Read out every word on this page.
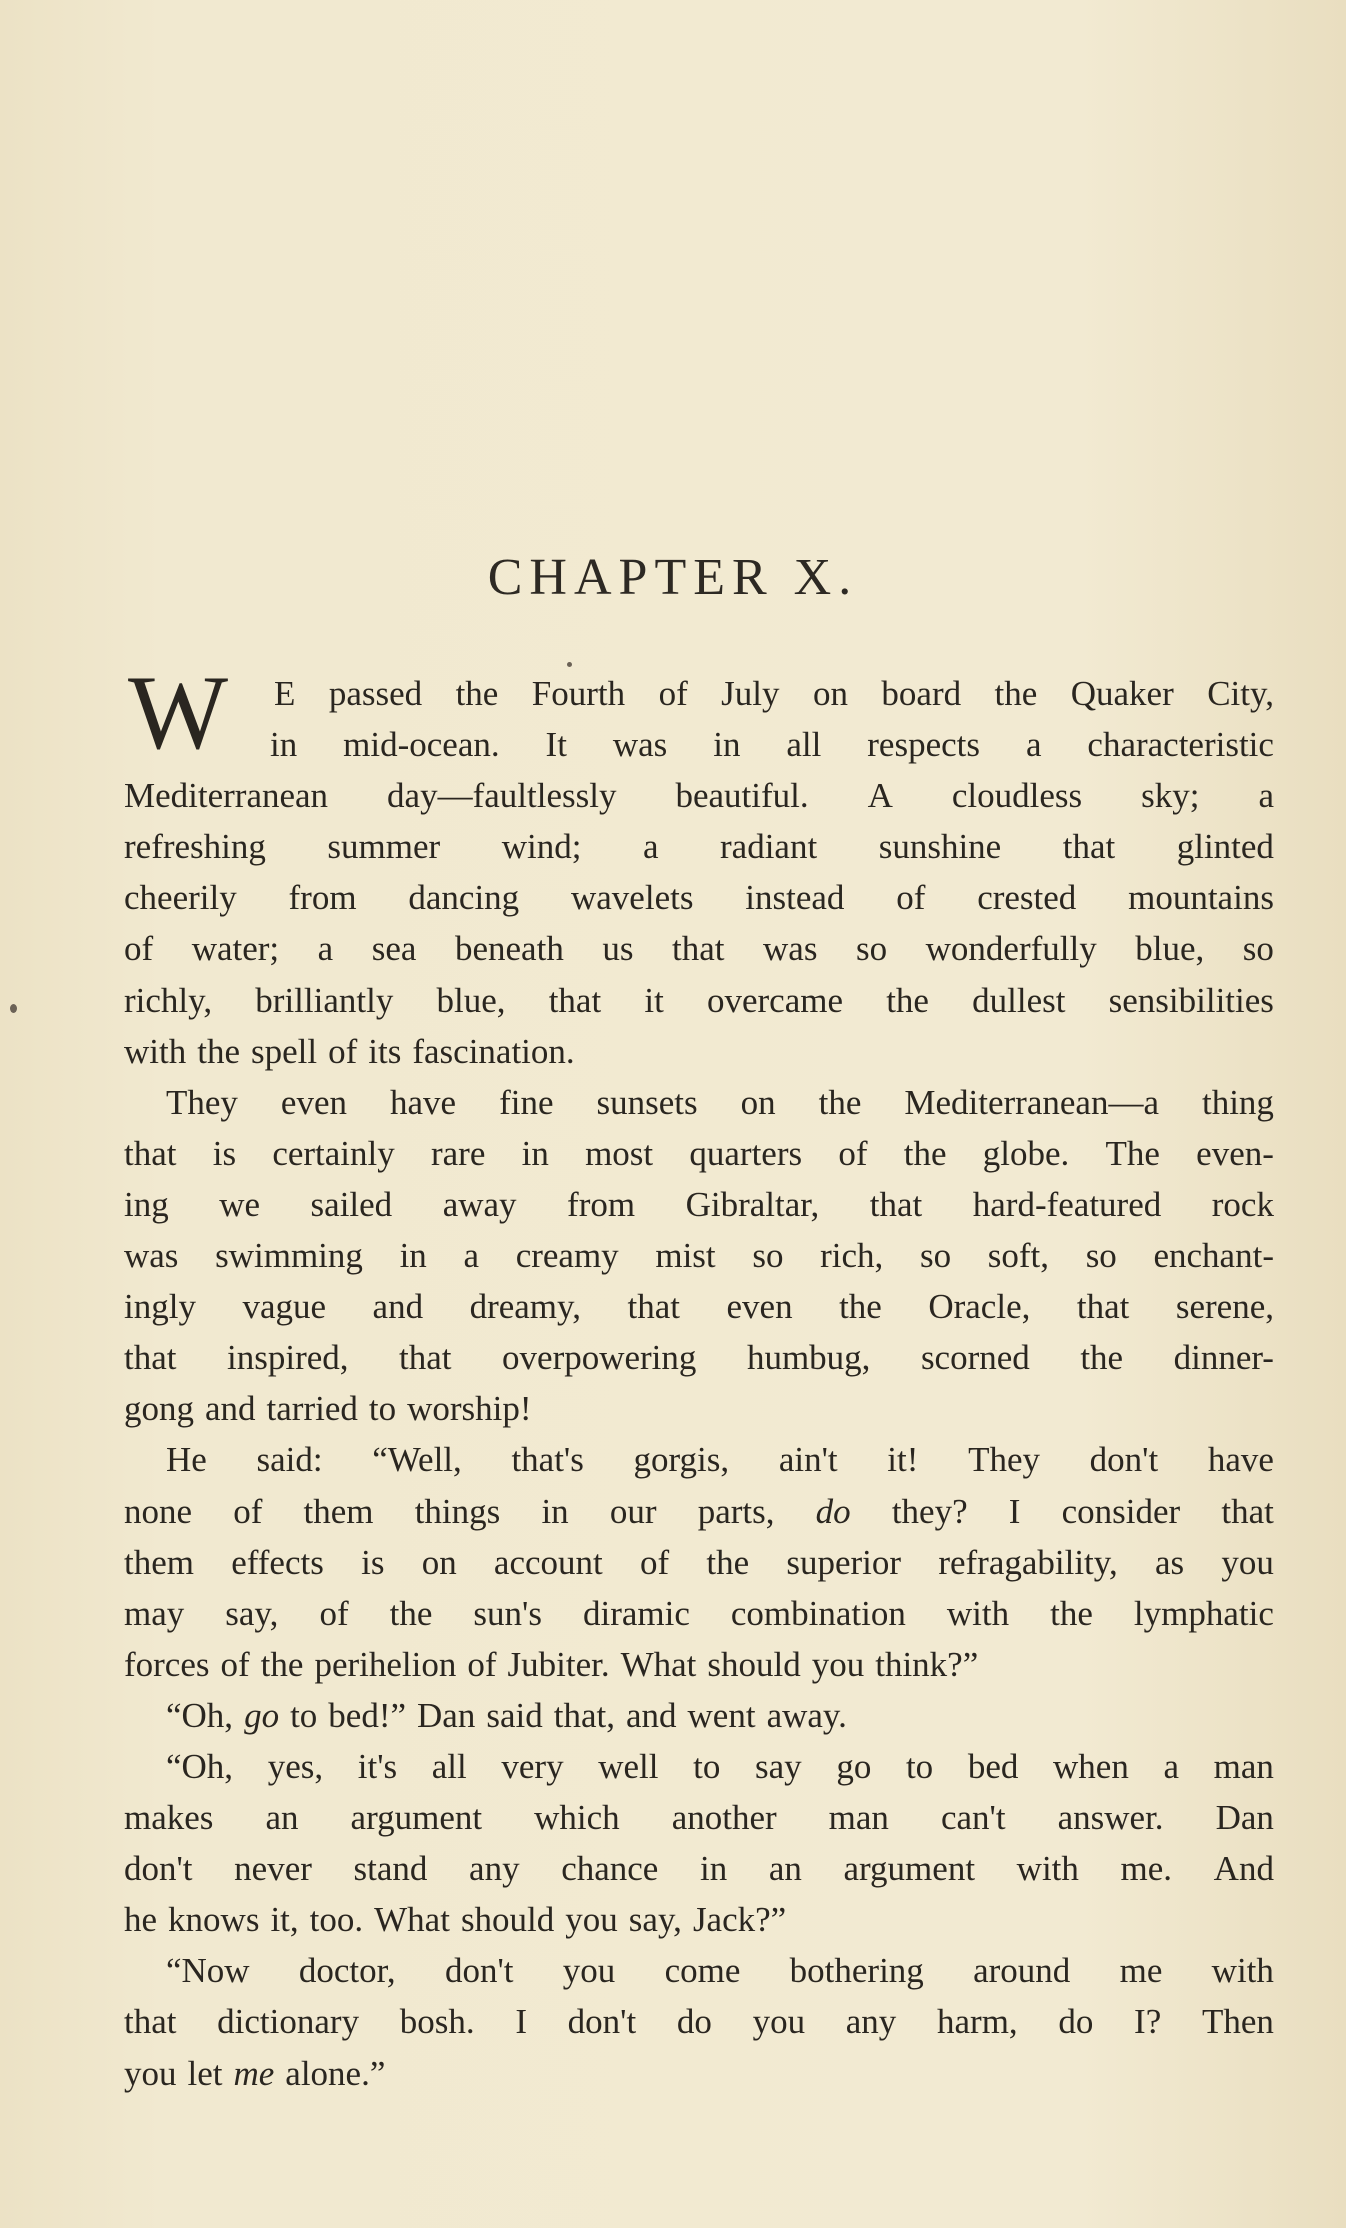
CHAPTER X.
W E passed the Fourth of July on board the Quaker City,
in mid-ocean. It was in all respects a characteristic
Mediterranean day—faultlessly beautiful. A cloudless sky; a
refreshing summer wind; a radiant sunshine that glinted
cheerily from dancing wavelets instead of crested mountains
of water; a sea beneath us that was so wonderfully blue, so
richly, brilliantly blue, that it overcame the dullest sensibilities
with the spell of its fascination.
They even have fine sunsets on the Mediterranean—a thing
that is certainly rare in most quarters of the globe. The even-
ing we sailed away from Gibraltar, that hard-featured rock
was swimming in a creamy mist so rich, so soft, so enchant-
ingly vague and dreamy, that even the Oracle, that serene,
that inspired, that overpowering humbug, scorned the dinner-
gong and tarried to worship!
He said: “Well, that's gorgis, ain't it! They don't have
none of them things in our parts, do they? I consider that
them effects is on account of the superior refragability, as you
may say, of the sun's diramic combination with the lymphatic
forces of the perihelion of Jubiter. What should you think?”
“Oh, go to bed!” Dan said that, and went away.
“Oh, yes, it's all very well to say go to bed when a man
makes an argument which another man can't answer. Dan
don't never stand any chance in an argument with me. And
he knows it, too. What should you say, Jack?”
“Now doctor, don't you come bothering around me with
that dictionary bosh. I don't do you any harm, do I? Then
you let me alone.”
